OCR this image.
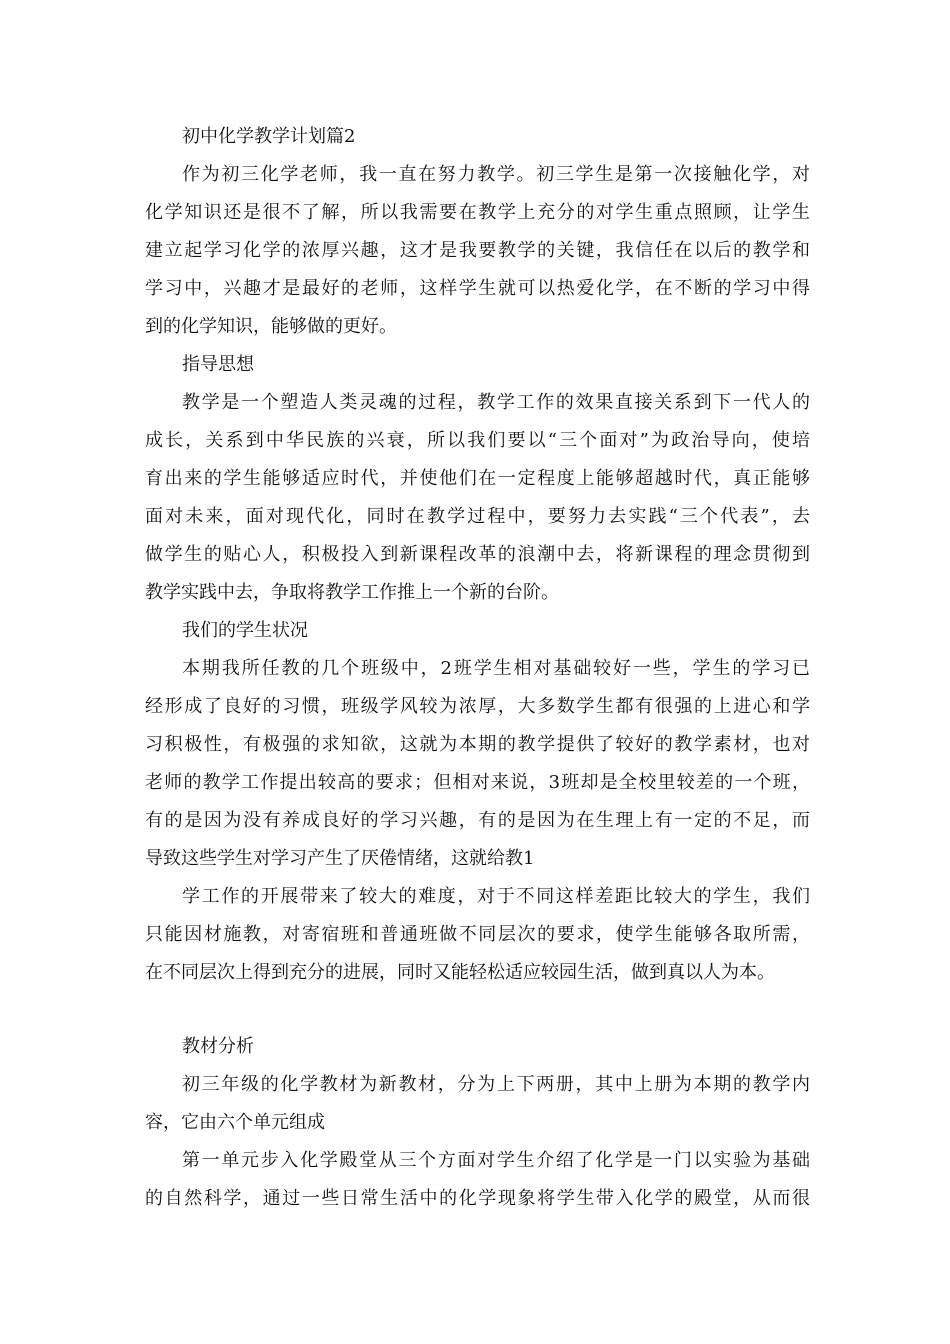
初中化学教学计划篇2
作为初三化学老师，我一直在努力教学。初三学生是第一次接触化学，对
化学知识还是很不了解，所以我需要在教学上充分的对学生重点照顾，让学生
建立起学习化学的浓厚兴趣，这才是我要教学的关键，我信任在以后的教学和
学习中，兴趣才是最好的老师，这样学生就可以热爱化学，在不断的学习中得
到的化学知识，能够做的更好。
指导思想
教学是一个塑造人类灵魂的过程，教学工作的效果直接关系到下一代人的
成长，关系到中华民族的兴衰，所以我们要以“三个面对”为政治导向，使培
育出来的学生能够适应时代，并使他们在一定程度上能够超越时代，真正能够
面对未来，面对现代化，同时在教学过程中，要努力去实践“三个代表”，去
做学生的贴心人，积极投入到新课程改革的浪潮中去，将新课程的理念贯彻到
教学实践中去，争取将教学工作推上一个新的台阶。
我们的学生状况
本期我所任教的几个班级中，2班学生相对基础较好一些，学生的学习已
经形成了良好的习惯，班级学风较为浓厚，大多数学生都有很强的上进心和学
习积极性，有极强的求知欲，这就为本期的教学提供了较好的教学素材，也对
老师的教学工作提出较高的要求；但相对来说，3班却是全校里较差的一个班，
有的是因为没有养成良好的学习兴趣，有的是因为在生理上有一定的不足，而
导致这些学生对学习产生了厌倦情绪，这就给教1
学工作的开展带来了较大的难度，对于不同这样差距比较大的学生，我们
只能因材施教，对寄宿班和普通班做不同层次的要求，使学生能够各取所需，
在不同层次上得到充分的进展，同时又能轻松适应较园生活，做到真以人为本。
教材分析
初三年级的化学教材为新教材，分为上下两册，其中上册为本期的教学内
容，它由六个单元组成
第一单元步入化学殿堂从三个方面对学生介绍了化学是一门以实验为基础
的自然科学，通过一些日常生活中的化学现象将学生带入化学的殿堂，从而很
